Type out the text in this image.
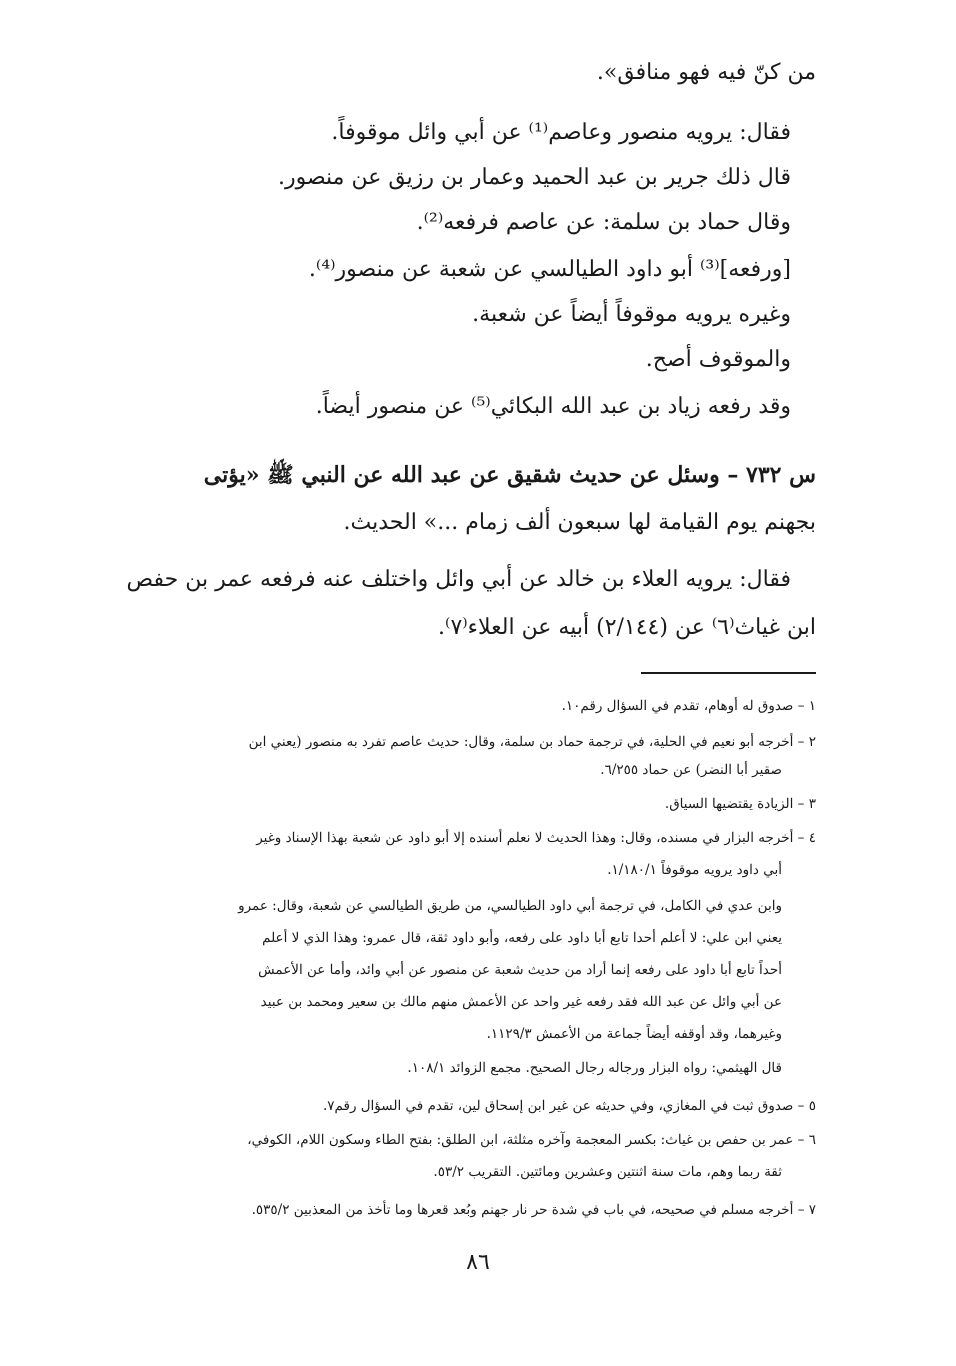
من كنّ فيه فهو منافق».
فقال: يرويه منصور وعاصم⁽¹⁾ عن أبي وائل موقوفاً.
قال ذلك جرير بن عبد الحميد وعمار بن رزيق عن منصور.
وقال حماد بن سلمة: عن عاصم فرفعه⁽²⁾.
[ورفعه]⁽³⁾ أبو داود الطيالسي عن شعبة عن منصور⁽⁴⁾.
وغيره يرويه موقوفاً أيضاً عن شعبة.
والموقوف أصح.
وقد رفعه زياد بن عبد الله البكائي⁽⁵⁾ عن منصور أيضاً.
س ٧٣٢ – وسئل عن حديث شقيق عن عبد الله عن النبي ﷺ «يؤتى
بجهنم يوم القيامة لها سبعون ألف زمام ...» الحديث.
فقال: يرويه العلاء بن خالد عن أبي وائل واختلف عنه فرفعه عمر بن حفص
ابن غياث⁽٦⁾ عن (٢/١٤٤) أبيه عن العلاء⁽٧⁾.
١ – صدوق له أوهام، تقدم في السؤال رقم١٠.
٢ – أخرجه أبو نعيم في الحلية، في ترجمة حماد بن سلمة، وقال: حديث عاصم تفرد به منصور (يعني ابن
صقير أبا النضر) عن حماد ٦/٢٥٥.
٣ – الزيادة يقتضيها السياق.
٤ – أخرجه البزار في مسنده، وقال: وهذا الحديث لا نعلم أسنده إلا أبو داود عن شعبة بهذا الإسناد وغير
أبي داود يرويه موقوفاً ١/١٨٠/١.
وابن عدي في الكامل، في ترجمة أبي داود الطيالسي، من طريق الطيالسي عن شعبة، وقال: عمرو
يعني ابن علي: لا أعلم أحدا تابع أبا داود على رفعه، وأبو داود ثقة، قال عمرو: وهذا الذي لا أعلم
أحداً تابع أبا داود على رفعه إنما أراد من حديث شعبة عن منصور عن أبي وائد، وأما عن الأعمش
عن أبي وائل عن عبد الله فقد رفعه غير واحد عن الأعمش منهم مالك بن سعير ومحمد بن عبيد
وغيرهما، وقد أوقفه أيضاً جماعة من الأعمش ١١٢٩/٣.
قال الهيثمي: رواه البزار ورجاله رجال الصحيح. مجمع الزوائد ١٠٨/١.
٥ – صدوق ثبت في المغازي، وفي حديثه عن غير ابن إسحاق لين، تقدم في السؤال رقم٧.
٦ – عمر بن حفص بن غياث: بكسر المعجمة وآخره مثلثة، ابن الطلق: بفتح الطاء وسكون اللام، الكوفي،
ثقة ربما وهم، مات سنة اثنتين وعشرين ومائتين. التقريب ٥٣/٢.
٧ – أخرجه مسلم في صحيحه، في باب في شدة حر نار جهنم وبُعد قعرها وما تأخذ من المعذبين ٥٣٥/٢.
٨٦
